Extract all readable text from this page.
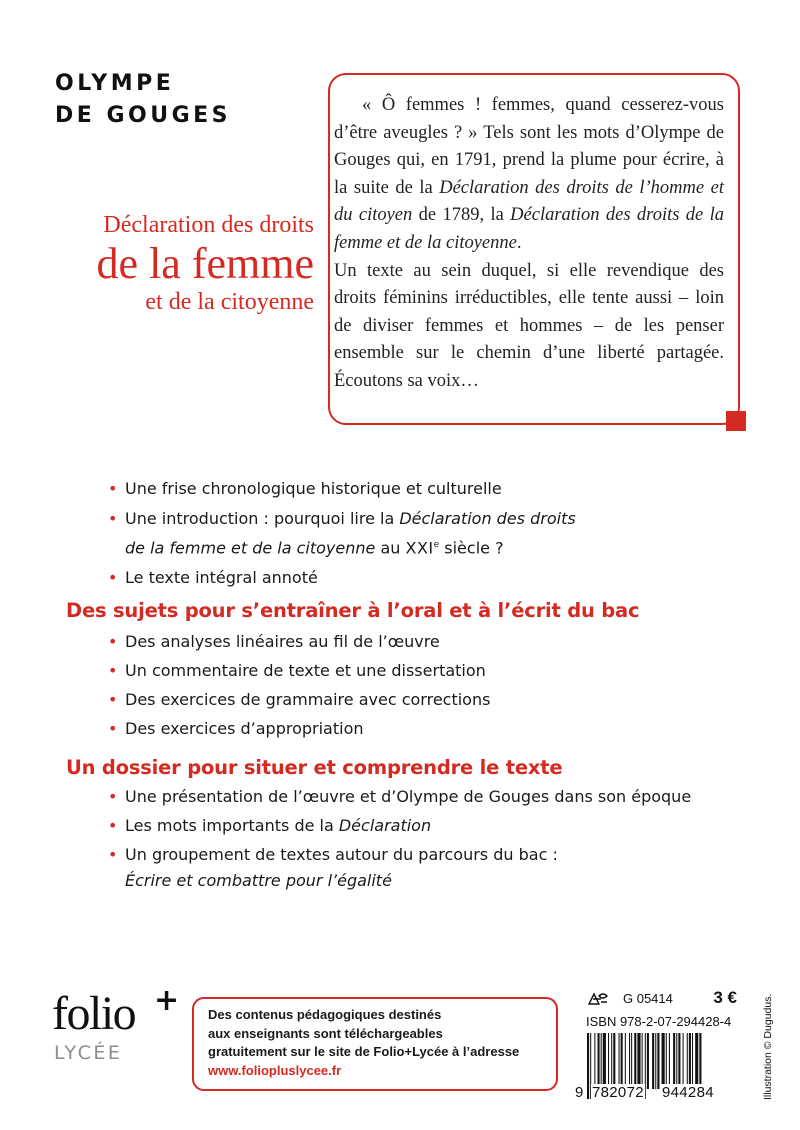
OLYMPE
DE GOUGES
Déclaration des droits
de la femme
et de la citoyenne

« Ô femmes ! femmes, quand cesserez-vous d’être aveugles ? » Tels sont les mots d’Olympe de Gouges qui, en 1791, prend la plume pour écrire, à la suite de la Déclaration des droits de l’homme et du citoyen de 1789, la Déclaration des droits de la femme et de la citoyenne.

Un texte au sein duquel, si elle revendique des droits féminins irréductibles, elle tente aussi – loin de diviser femmes et hommes – de les penser ensemble sur le chemin d’une liberté partagée. Écoutons sa voix…

• Une frise chronologique historique et culturelle
• Une introduction : pourquoi lire la Déclaration des droits
de la femme et de la citoyenne au XXIe siècle ?
• Le texte intégral annoté
Des sujets pour s’entraîner à l’oral et à l’écrit du bac
• Des analyses linéaires au fil de l’œuvre
• Un commentaire de texte et une dissertation
• Des exercices de grammaire avec corrections
• Des exercices d’appropriation
Un dossier pour situer et comprendre le texte
• Une présentation de l’œuvre et d’Olympe de Gouges dans son époque
• Les mots importants de la Déclaration
• Un groupement de textes autour du parcours du bac :
Écrire et combattre pour l’égalité
folio +
LYCÉE
Des contenus pédagogiques destinés
aux enseignants sont téléchargeables
gratuitement sur le site de Folio+Lycée à l’adresse
www.foliopluslycee.fr
G 05414 3 €
ISBN 978-2-07-294428-4
9 782072 944284	Illustration © Dugudus.
